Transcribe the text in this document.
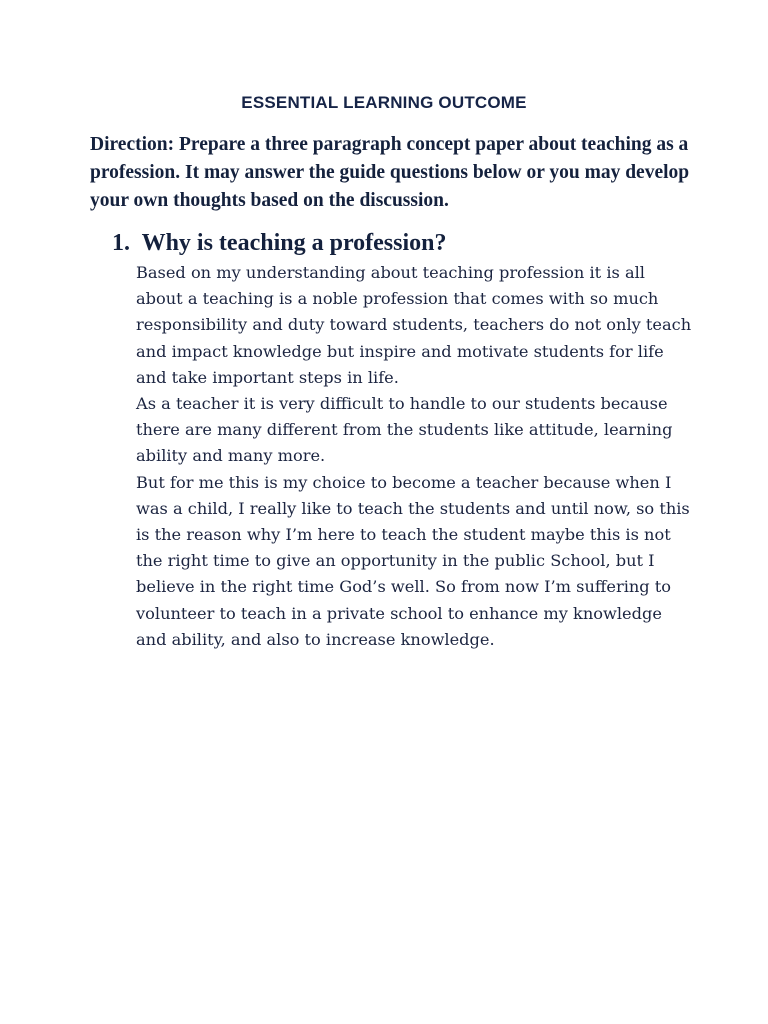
ESSENTIAL LEARNING OUTCOME

Direction: Prepare a three paragraph concept paper about teaching as a profession. It may answer the guide questions below or you may develop your own thoughts based on the discussion.

1. Why is teaching a profession?

Based on my understanding about teaching profession it is all
about a teaching is a noble profession that comes with so much
responsibility and duty toward students, teachers do not only teach
and impact knowledge but inspire and motivate students for life
and take important steps in life.

As a teacher it is very difficult to handle to our students because
there are many different from the students like attitude, learning
ability and many more.

But for me this is my choice to become a teacher because when I
was a child, I really like to teach the students and until now, so this
is the reason why I’m here to teach the student maybe this is not
the right time to give an opportunity in the public School, but I
believe in the right time God’s well. So from now I’m suffering to
volunteer to teach in a private school to enhance my knowledge
and ability, and also to increase knowledge.
